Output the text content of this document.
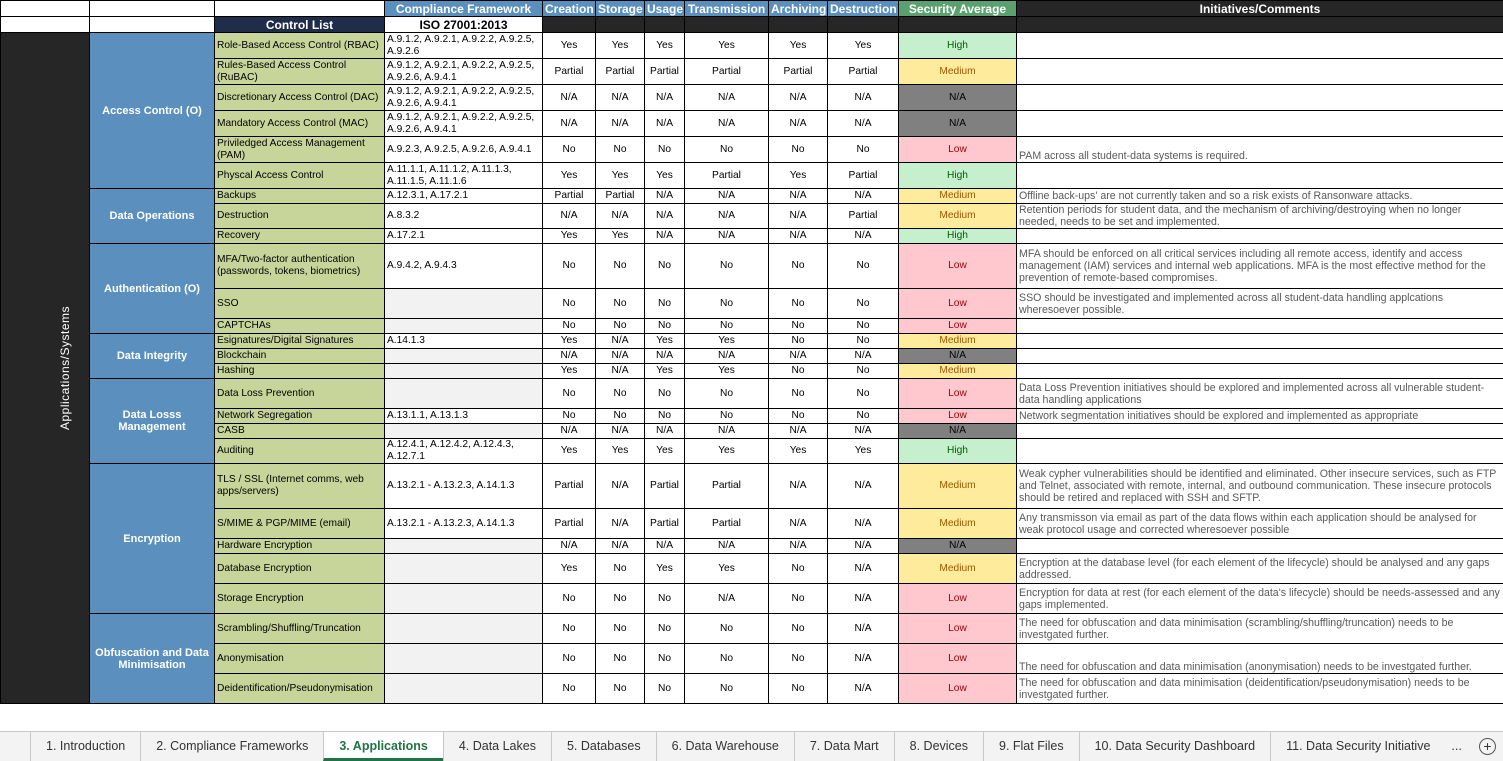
			Compliance Framework	Creation	Storage	Usage	Transmission	Archiving	Destruction	Security Average	Initiatives/Comments
		Control List	ISO 27001:2013								
Applications/Systems	Access Control (O)	Role-Based Access Control (RBAC)	A.9.1.2, A.9.2.1, A.9.2.2, A.9.2.5, A.9.2.6	Yes	Yes	Yes	Yes	Yes	Yes	High	
		Rules-Based Access Control (RuBAC)	A.9.1.2, A.9.2.1, A.9.2.2, A.9.2.5, A.9.2.6, A.9.4.1	Partial	Partial	Partial	Partial	Partial	Partial	Medium	
		Discretionary Access Control (DAC)	A.9.1.2, A.9.2.1, A.9.2.2, A.9.2.5, A.9.2.6, A.9.4.1	N/A	N/A	N/A	N/A	N/A	N/A	N/A	
		Mandatory Access Control (MAC)	A.9.1.2, A.9.2.1, A.9.2.2, A.9.2.5, A.9.2.6, A.9.4.1	N/A	N/A	N/A	N/A	N/A	N/A	N/A	
		Priviledged Access Management (PAM)	A.9.2.3, A.9.2.5, A.9.2.6, A.9.4.1	No	No	No	No	No	No	Low	PAM across all student-data systems is required.
		Physcal Access Control	A.11.1.1, A.11.1.2, A.11.1.3, A.11.1.5, A.11.1.6	Yes	Yes	Yes	Partial	Yes	Partial	High	
	Data Operations	Backups	A.12.3.1, A.17.2.1	Partial	Partial	N/A	N/A	N/A	N/A	Medium	Offline back-ups' are not currently taken and so a risk exists of Ransonware attacks.
		Destruction	A.8.3.2	N/A	N/A	N/A	N/A	N/A	Partial	Medium	Retention periods for student data, and the mechanism of archiving/destroying when no longer needed, needs to be set and implemented.
		Recovery	A.17.2.1	Yes	Yes	N/A	N/A	N/A	N/A	High	
	Authentication (O)	MFA/Two-factor authentication (passwords, tokens, biometrics)	A.9.4.2, A.9.4.3	No	No	No	No	No	No	Low	MFA should be enforced on all critical services including all remote access, identify and access management (IAM) services and internal web applications. MFA is the most effective method for the prevention of remote-based compromises.
		SSO		No	No	No	No	No	No	Low	SSO should be investigated and implemented across all student-data handling applcations wheresoever possible.
		CAPTCHAs		No	No	No	No	No	No	Low	
	Data Integrity	Esignatures/Digital Signatures	A.14.1.3	Yes	N/A	Yes	Yes	No	No	Medium	
		Blockchain		N/A	N/A	N/A	N/A	N/A	N/A	N/A	
		Hashing		Yes	N/A	Yes	Yes	No	No	Medium	
	Data Losss Management	Data Loss Prevention		No	No	No	No	No	No	Low	Data Loss Prevention initiatives should be explored and implemented across all vulnerable student-data handling applications
		Network Segregation	A.13.1.1, A.13.1.3	No	No	No	No	No	No	Low	Network segmentation initiatives should be explored and implemented as appropriate
		CASB		N/A	N/A	N/A	N/A	N/A	N/A	N/A	
		Auditing	A.12.4.1, A.12.4.2, A.12.4.3, A.12.7.1	Yes	Yes	Yes	Yes	Yes	Yes	High	
	Encryption	TLS / SSL (Internet comms, web apps/servers)	A.13.2.1 - A.13.2.3, A.14.1.3	Partial	N/A	Partial	Partial	N/A	N/A	Medium	Weak cypher vulnerabilities should be identified and eliminated. Other insecure services, such as FTP and Telnet, associated with remote, internal, and outbound communication. These insecure protocols should be retired and replaced with SSH and SFTP.
		S/MIME & PGP/MIME (email)	A.13.2.1 - A.13.2.3, A.14.1.3	Partial	N/A	Partial	Partial	N/A	N/A	Medium	Any transmisson via email as part of the data flows within each application should be analysed for weak protocol usage and corrected wheresoever possible
		Hardware Encryption		N/A	N/A	N/A	N/A	N/A	N/A	N/A	
		Database Encryption		Yes	No	Yes	Yes	No	N/A	Medium	Encryption at the database level (for each element of the lifecycle) should be analysed and any gaps addressed.
		Storage Encryption		No	No	No	N/A	No	N/A	Low	Encryption for data at rest (for each element of the data's lifecycle) should be needs-assessed and any gaps implemented.
	Obfuscation and Data Minimisation	Scrambling/Shuffling/Truncation		No	No	No	No	No	N/A	Low	The need for obfuscation and data minimisation (scrambling/shuffling/truncation) needs to be investgated further.
		Anonymisation		No	No	No	No	No	N/A	Low	The need for obfuscation and data minimisation (anonymisation) needs to be investgated further.
		Deidentification/Pseudonymisation		No	No	No	No	No	N/A	Low	The need for obfuscation and data minimisation (deidentification/pseudonymisation) needs to be investgated further.
1. Introduction	2. Compliance Frameworks	3. Applications	4. Data Lakes	5. Databases	6. Data Warehouse	7. Data Mart	8. Devices	9. Flat Files	10. Data Security Dashboard	11. Data Security Initiative	...	+
